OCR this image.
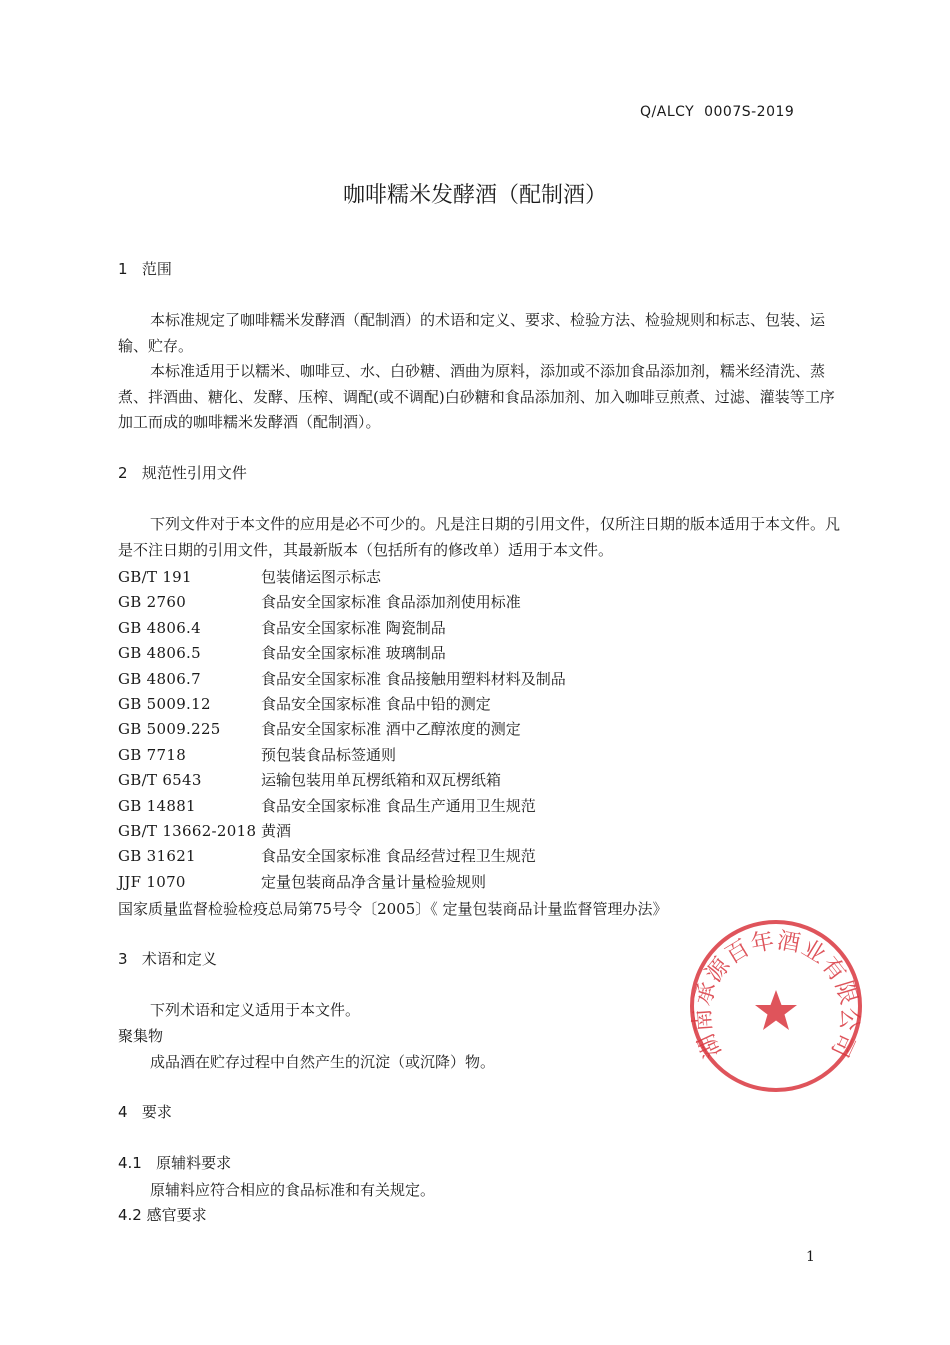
Q/ALCY  0007S-2019
咖啡糯米发酵酒（配制酒）
1   范围
本标准规定了咖啡糯米发酵酒（配制酒）的术语和定义、要求、检验方法、检验规则和标志、包装、运输、贮存。
本标准适用于以糯米、咖啡豆、水、白砂糖、酒曲为原料，添加或不添加食品添加剂，糯米经清洗、蒸煮、拌酒曲、糖化、发酵、压榨、调配(或不调配)白砂糖和食品添加剂、加入咖啡豆煎煮、过滤、灌装等工序加工而成的咖啡糯米发酵酒（配制酒）。
2   规范性引用文件
下列文件对于本文件的应用是必不可少的。凡是注日期的引用文件，仅所注日期的版本适用于本文件。凡是不注日期的引用文件，其最新版本（包括所有的修改单）适用于本文件。
GB/T 191	包装储运图示标志
GB 2760	食品安全国家标准 食品添加剂使用标准
GB 4806.4	食品安全国家标准 陶瓷制品
GB 4806.5	食品安全国家标准 玻璃制品
GB 4806.7	食品安全国家标准 食品接触用塑料材料及制品
GB 5009.12	食品安全国家标准 食品中铅的测定
GB 5009.225	食品安全国家标准 酒中乙醇浓度的测定
GB 7718	预包装食品标签通则
GB/T 6543	运输包装用单瓦楞纸箱和双瓦楞纸箱
GB 14881	食品安全国家标准 食品生产通用卫生规范
GB/T 13662-2018 黄酒
GB 31621	食品安全国家标准 食品经营过程卫生规范
JJF 1070	定量包装商品净含量计量检验规则
国家质量监督检验检疫总局第75号令〔2005〕《 定量包装商品计量监督管理办法》
3   术语和定义
下列术语和定义适用于本文件。
聚集物
成品酒在贮存过程中自然产生的沉淀（或沉降）物。
4   要求
4.1   原辅料要求
原辅料应符合相应的食品标准和有关规定。
4.2 感官要求
湖南承源百年酒业有限公司
1
